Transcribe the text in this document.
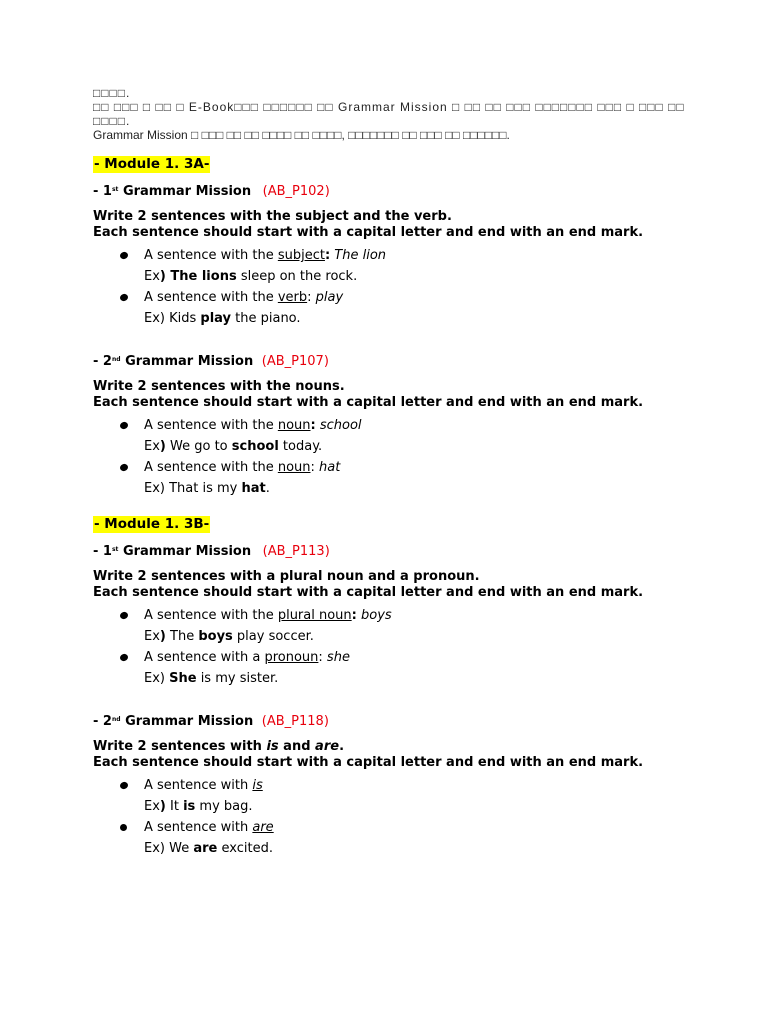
□□□□.

□□ □□□ □ □□ □ E-Book□□□ □□□□□□ □□ Grammar Mission □ □□ □□ □□□ □□□□□□□ □□□ □ □□□ □□

□□□□.

Grammar Mission □ □□□ □□ □□ □□□□ □□ □□□□, □□□□□□□ □□ □□□ □□ □□□□□□.

- Module 1. 3A-
- 1st Grammar Mission (AB_P102)
Write 2 sentences with the subject and the verb.
Each sentence should start with a capital letter and end with an end mark.
A sentence with the subject: The lion
Ex) The lions sleep on the rock.
A sentence with the verb: play
Ex) Kids play the piano.
- 2nd Grammar Mission (AB_P107)
Write 2 sentences with the nouns.
Each sentence should start with a capital letter and end with an end mark.
A sentence with the noun: school
Ex) We go to school today.
A sentence with the noun: hat
Ex) That is my hat.
- Module 1. 3B-
- 1st Grammar Mission (AB_P113)
Write 2 sentences with a plural noun and a pronoun.
Each sentence should start with a capital letter and end with an end mark.
A sentence with the plural noun: boys
Ex) The boys play soccer.
A sentence with a pronoun: she
Ex) She is my sister.
- 2nd Grammar Mission (AB_P118)
Write 2 sentences with is and are.
Each sentence should start with a capital letter and end with an end mark.
A sentence with is
Ex) It is my bag.
A sentence with are
Ex) We are excited.
